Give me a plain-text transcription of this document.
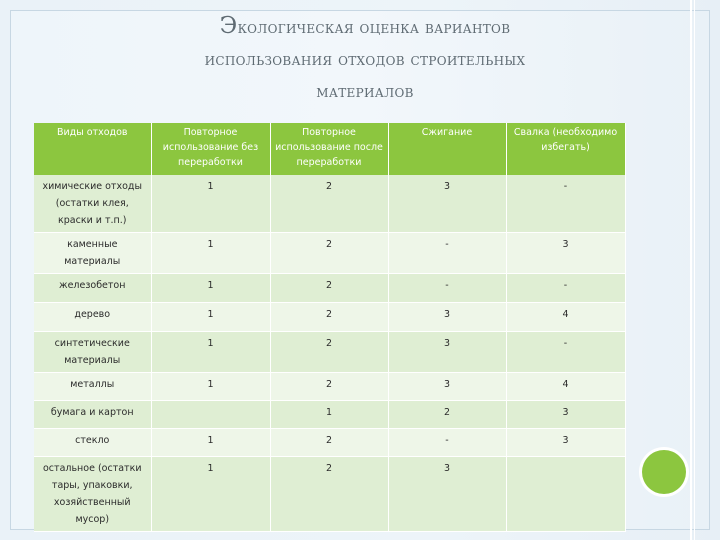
Экологическая оценка вариантов
использования отходов строительных
материалов
Виды отходов	Повторное использование без переработки	Повторное использование после переработки	Сжигание	Свалка (необходимо избегать)
химические отходы (остатки клея, краски и т.п.)	1	2	3	-
каменные материалы	1	2	-	3
железобетон	1	2	-	-
дерево	1	2	3	4
синтетические материалы	1	2	3	-
металлы	1	2	3	4
бумага и картон		1	2	3
стекло	1	2	-	3
остальное (остатки тары, упаковки, хозяйственный мусор)	1	2	3	
